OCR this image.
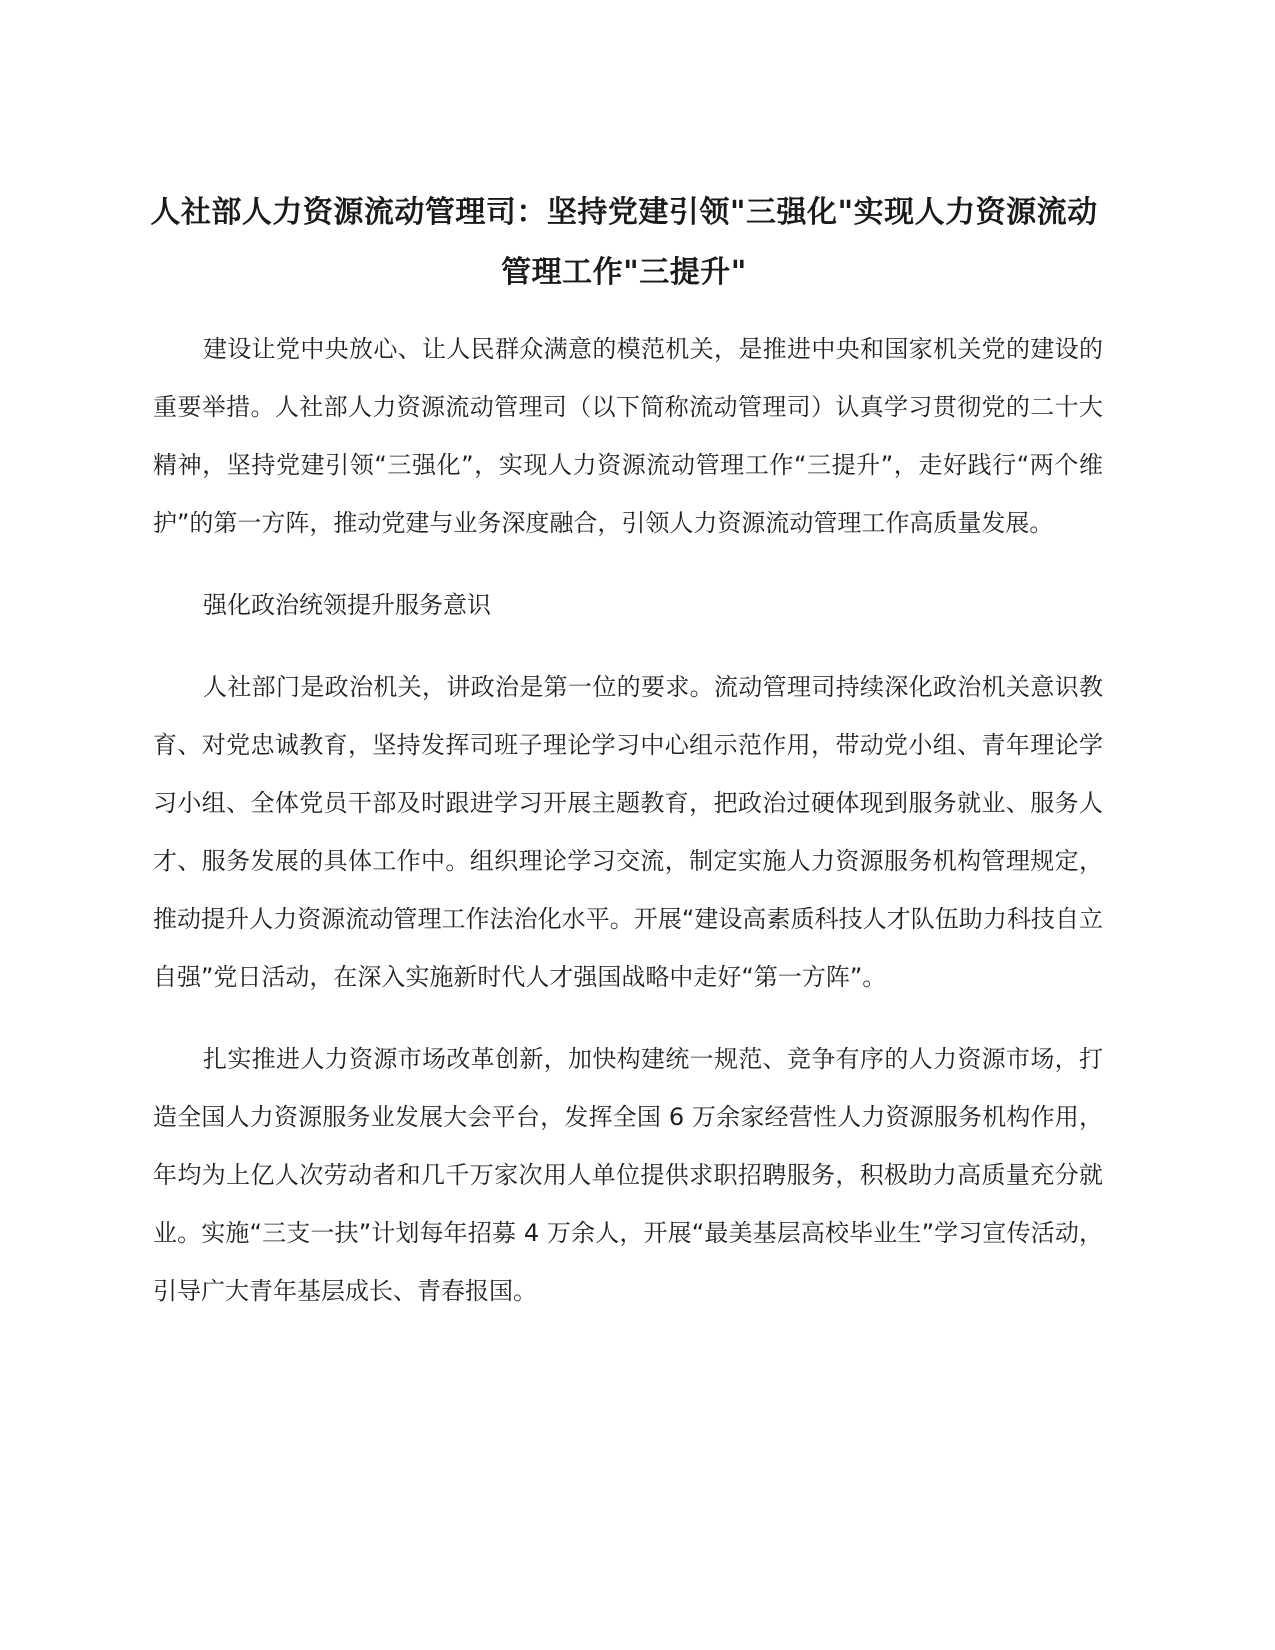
人社部人力资源流动管理司：坚持党建引领"三强化"实现人力资源流动管理工作"三提升"

建设让党中央放心、让人民群众满意的模范机关，是推进中央和国家机关党的建设的重要举措。人社部人力资源流动管理司（以下简称流动管理司）认真学习贯彻党的二十大精神，坚持党建引领“三强化”，实现人力资源流动管理工作“三提升”，走好践行“两个维护”的第一方阵，推动党建与业务深度融合，引领人力资源流动管理工作高质量发展。

强化政治统领提升服务意识

人社部门是政治机关，讲政治是第一位的要求。流动管理司持续深化政治机关意识教育、对党忠诚教育，坚持发挥司班子理论学习中心组示范作用，带动党小组、青年理论学习小组、全体党员干部及时跟进学习开展主题教育，把政治过硬体现到服务就业、服务人才、服务发展的具体工作中。组织理论学习交流，制定实施人力资源服务机构管理规定，推动提升人力资源流动管理工作法治化水平。开展“建设高素质科技人才队伍助力科技自立自强”党日活动，在深入实施新时代人才强国战略中走好“第一方阵”。

扎实推进人力资源市场改革创新，加快构建统一规范、竞争有序的人力资源市场，打造全国人力资源服务业发展大会平台，发挥全国 6 万余家经营性人力资源服务机构作用，年均为上亿人次劳动者和几千万家次用人单位提供求职招聘服务，积极助力高质量充分就业。实施“三支一扶”计划每年招募 4 万余人，开展“最美基层高校毕业生”学习宣传活动，引导广大青年基层成长、青春报国。
